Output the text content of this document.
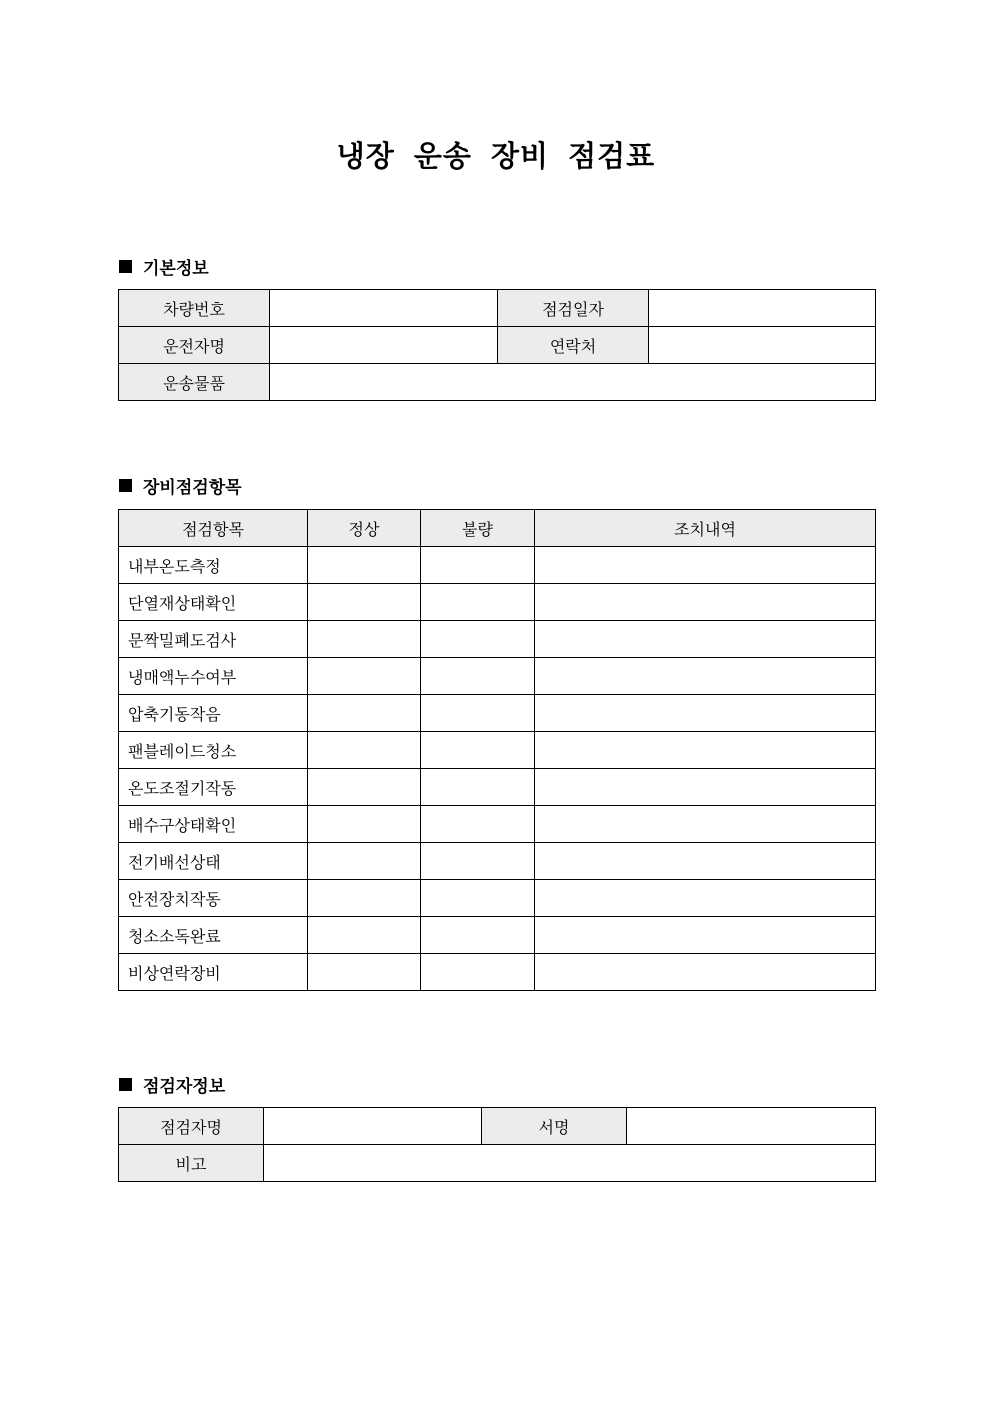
냉장 운송 장비 점검표
기본정보
차량번호		점검일자	
운전자명		연락처	
운송물품			
장비점검항목
점검항목	정상	불량	조치내역
내부온도측정			
단열재상태확인			
문짝밀폐도검사			
냉매액누수여부			
압축기동작음			
팬블레이드청소			
온도조절기작동			
배수구상태확인			
전기배선상태			
안전장치작동			
청소소독완료			
비상연락장비			
점검자정보
점검자명		서명	
비고			
